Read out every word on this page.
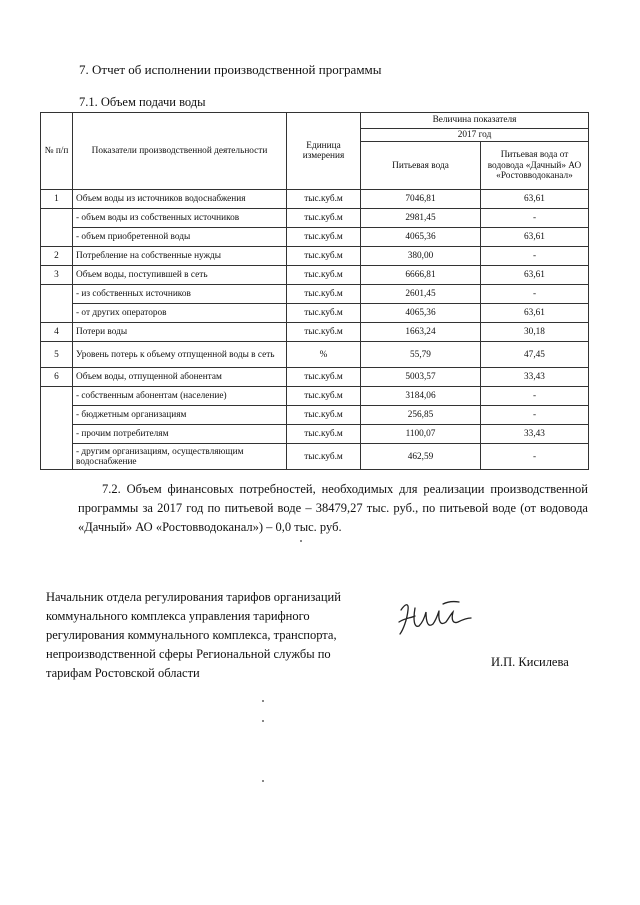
7. Отчет об исполнении производственной программы
7.1. Объем подачи воды
№ п/п	Показатели производственной деятельности	Единица измерения	Величина показателя	
			2017 год	
			Питьевая вода	Питьевая вода от водовода «Дачный» АО «Ростовводоканал»
1	Объем воды из источников водоснабжения	тыс.куб.м	7046,81	63,61
	- объем воды из собственных источников	тыс.куб.м	2981,45	-
	- объем приобретенной воды	тыс.куб.м	4065,36	63,61
2	Потребление на собственные нужды	тыс.куб.м	380,00	-
3	Объем воды, поступившей в сеть	тыс.куб.м	6666,81	63,61
	- из собственных источников	тыс.куб.м	2601,45	-
	- от других операторов	тыс.куб.м	4065,36	63,61
4	Потери воды	тыс.куб.м	1663,24	30,18
5	Уровень потерь к объему отпущенной воды в сеть	%	55,79	47,45
6	Объем воды, отпущенной абонентам	тыс.куб.м	5003,57	33,43
	- собственным абонентам (население)	тыс.куб.м	3184,06	-
	- бюджетным организациям	тыс.куб.м	256,85	-
	- прочим потребителям	тыс.куб.м	1100,07	33,43
	- другим организациям, осуществляющим водоснабжение	тыс.куб.м	462,59	-
7.2. Объем финансовых потребностей, необходимых для реализации производственной программы за 2017 год по питьевой воде – 38479,27 тыс. руб., по питьевой воде (от водовода «Дачный» АО «Ростовводоканал») – 0,0 тыс. руб.
Начальник отдела регулирования тарифов организаций
коммунального комплекса управления тарифного
регулирования коммунального комплекса, транспорта,
непроизводственной сферы Региональной службы по
тарифам Ростовской области
И.П. Кисилева
